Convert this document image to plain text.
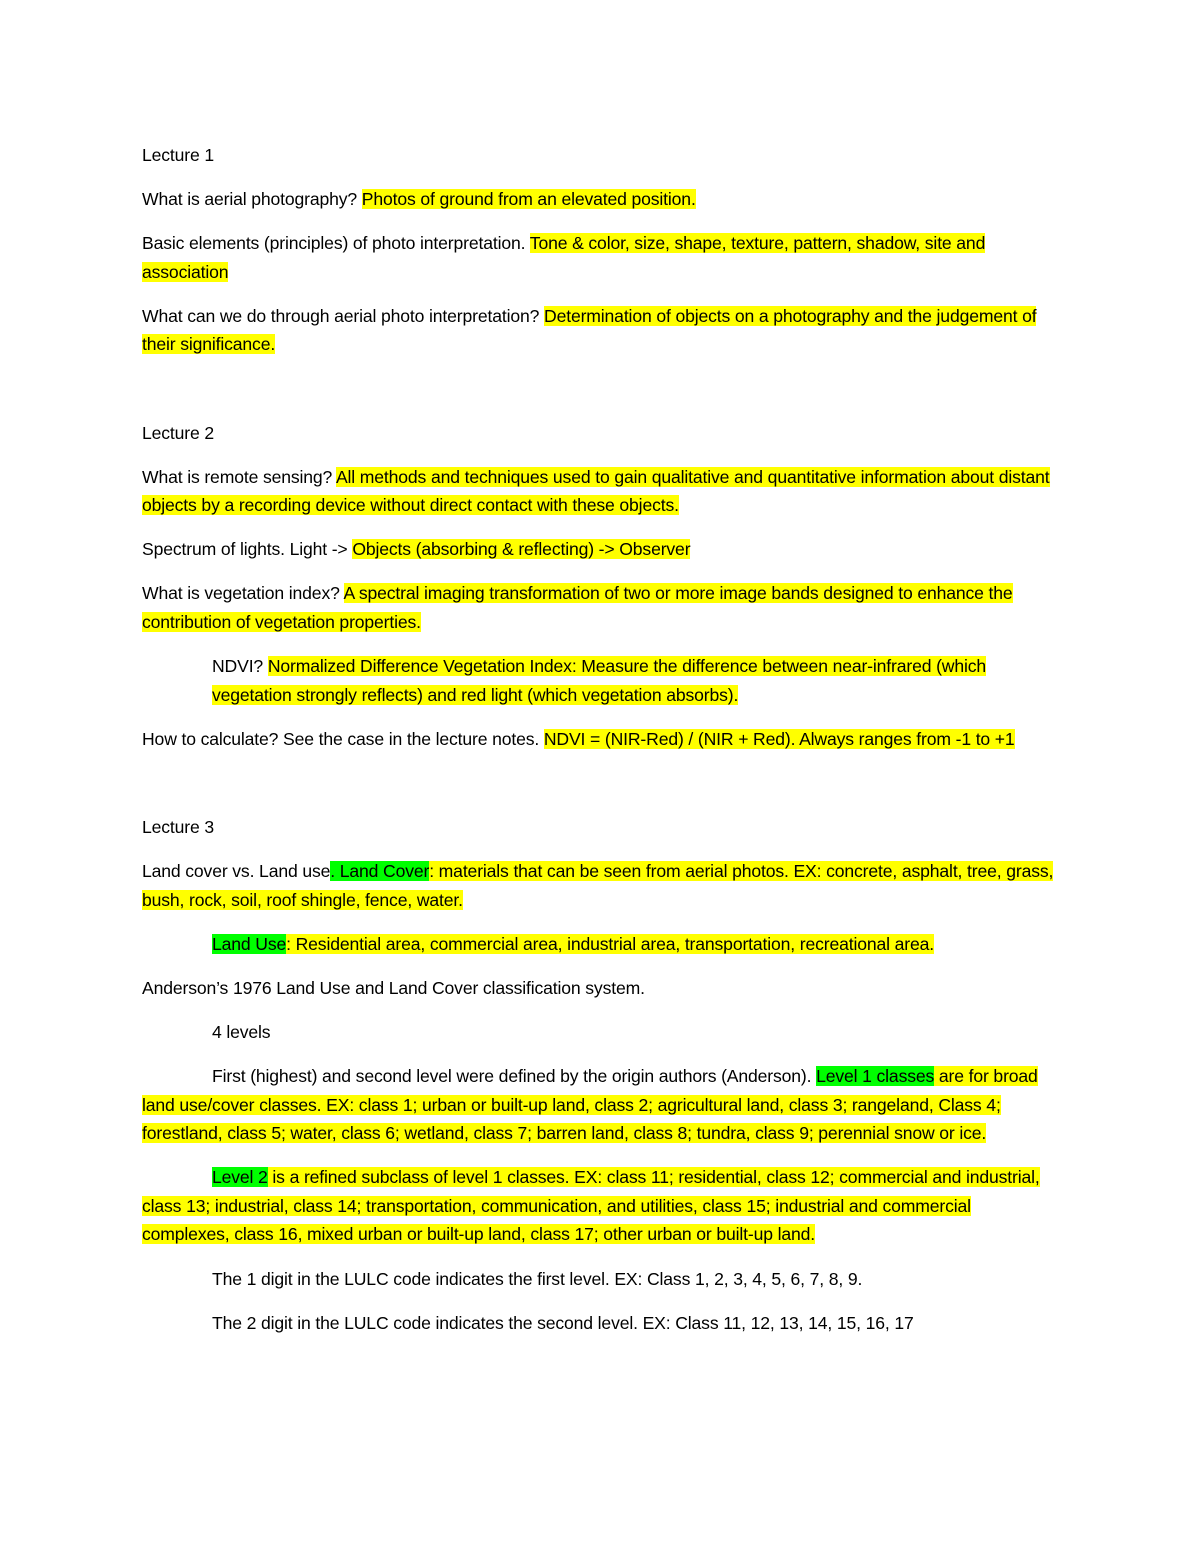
Lecture 1

What is aerial photography? Photos of ground from an elevated position.

Basic elements (principles) of photo interpretation. Tone & color, size, shape, texture, pattern, shadow, site and association

What can we do through aerial photo interpretation? Determination of objects on a photography and the judgement of their significance.

Lecture 2

What is remote sensing? All methods and techniques used to gain qualitative and quantitative information about distant objects by a recording device without direct contact with these objects.

Spectrum of lights. Light -> Objects (absorbing & reflecting) -> Observer

What is vegetation index? A spectral imaging transformation of two or more image bands designed to enhance the contribution of vegetation properties.

NDVI? Normalized Difference Vegetation Index: Measure the difference between near-infrared (which vegetation strongly reflects) and red light (which vegetation absorbs).

How to calculate? See the case in the lecture notes. NDVI = (NIR-Red) / (NIR + Red). Always ranges from -1 to +1

Lecture 3

Land cover vs. Land use. Land Cover: materials that can be seen from aerial photos. EX: concrete, asphalt, tree, grass, bush, rock, soil, roof shingle, fence, water.

Land Use: Residential area, commercial area, industrial area, transportation, recreational area.

Anderson’s 1976 Land Use and Land Cover classification system.

4 levels

First (highest) and second level were defined by the origin authors (Anderson). Level 1 classes are for broad land use/cover classes. EX: class 1; urban or built-up land, class 2; agricultural land, class 3; rangeland, Class 4; forestland, class 5; water, class 6; wetland, class 7; barren land, class 8; tundra, class 9; perennial snow or ice.

Level 2 is a refined subclass of level 1 classes. EX: class 11; residential, class 12; commercial and industrial, class 13; industrial, class 14; transportation, communication, and utilities, class 15; industrial and commercial complexes, class 16, mixed urban or built-up land, class 17; other urban or built-up land.

The 1 digit in the LULC code indicates the first level. EX: Class 1, 2, 3, 4, 5, 6, 7, 8, 9.

The 2 digit in the LULC code indicates the second level. EX: Class 11, 12, 13, 14, 15, 16, 17
